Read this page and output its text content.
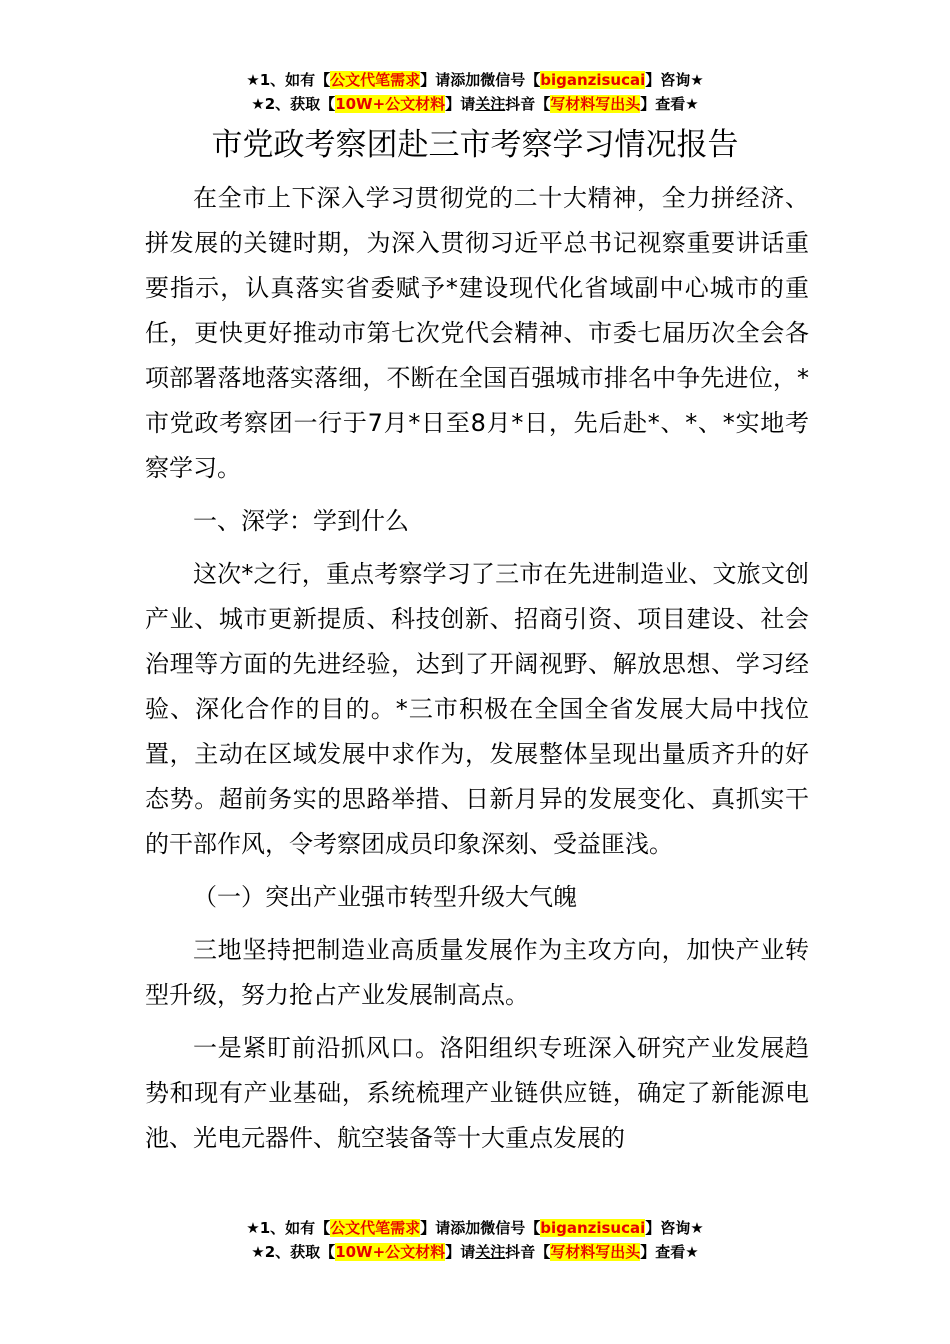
★1、如有【公文代笔需求】请添加微信号【biganzisucai】咨询★
★2、获取【10W+公文材料】请关注抖音【写材料写出头】查看★
市党政考察团赴三市考察学习情况报告

在全市上下深入学习贯彻党的二十大精神，全力拼经济、拼发展的关键时期，为深入贯彻习近平总书记视察重要讲话重要指示，认真落实省委赋予*建设现代化省域副中心城市的重任，更快更好推动市第七次党代会精神、市委七届历次全会各项部署落地落实落细，不断在全国百强城市排名中争先进位，*市党政考察团一行于7月*日至8月*日，先后赴*、*、*实地考察学习。

一、深学：学到什么

这次*之行，重点考察学习了三市在先进制造业、文旅文创产业、城市更新提质、科技创新、招商引资、项目建设、社会治理等方面的先进经验，达到了开阔视野、解放思想、学习经验、深化合作的目的。*三市积极在全国全省发展大局中找位置，主动在区域发展中求作为，发展整体呈现出量质齐升的好态势。超前务实的思路举措、日新月异的发展变化、真抓实干的干部作风，令考察团成员印象深刻、受益匪浅。

（一）突出产业强市转型升级大气魄

三地坚持把制造业高质量发展作为主攻方向，加快产业转型升级，努力抢占产业发展制高点。

一是紧盯前沿抓风口。洛阳组织专班深入研究产业发展趋势和现有产业基础，系统梳理产业链供应链，确定了新能源电池、光电元器件、航空装备等十大重点发展的

★1、如有【公文代笔需求】请添加微信号【biganzisucai】咨询★
★2、获取【10W+公文材料】请关注抖音【写材料写出头】查看★
